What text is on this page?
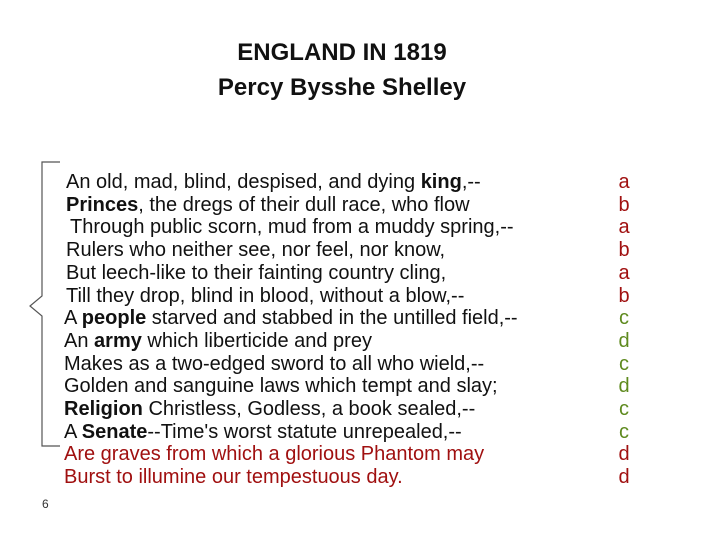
ENGLAND IN 1819
Percy Bysshe Shelley
An old, mad, blind, despised, and dying king,--	a
Princes, the dregs of their dull race, who flow	b
Through public scorn, mud from a muddy spring,--	a
Rulers who neither see, nor feel, nor know,	b
But leech-like to their fainting country cling,	a
Till they drop, blind in blood, without a blow,--	b
A people starved and stabbed in the untilled field,--	c
An army which liberticide and prey	d
Makes as a two-edged sword to all who wield,--	c
Golden and sanguine laws which tempt and slay;	d
Religion Christless, Godless, a book sealed,--	c
A Senate--Time's worst statute unrepealed,--	c
Are graves from which a glorious Phantom may	d
Burst to illumine our tempestuous day.	d
6
